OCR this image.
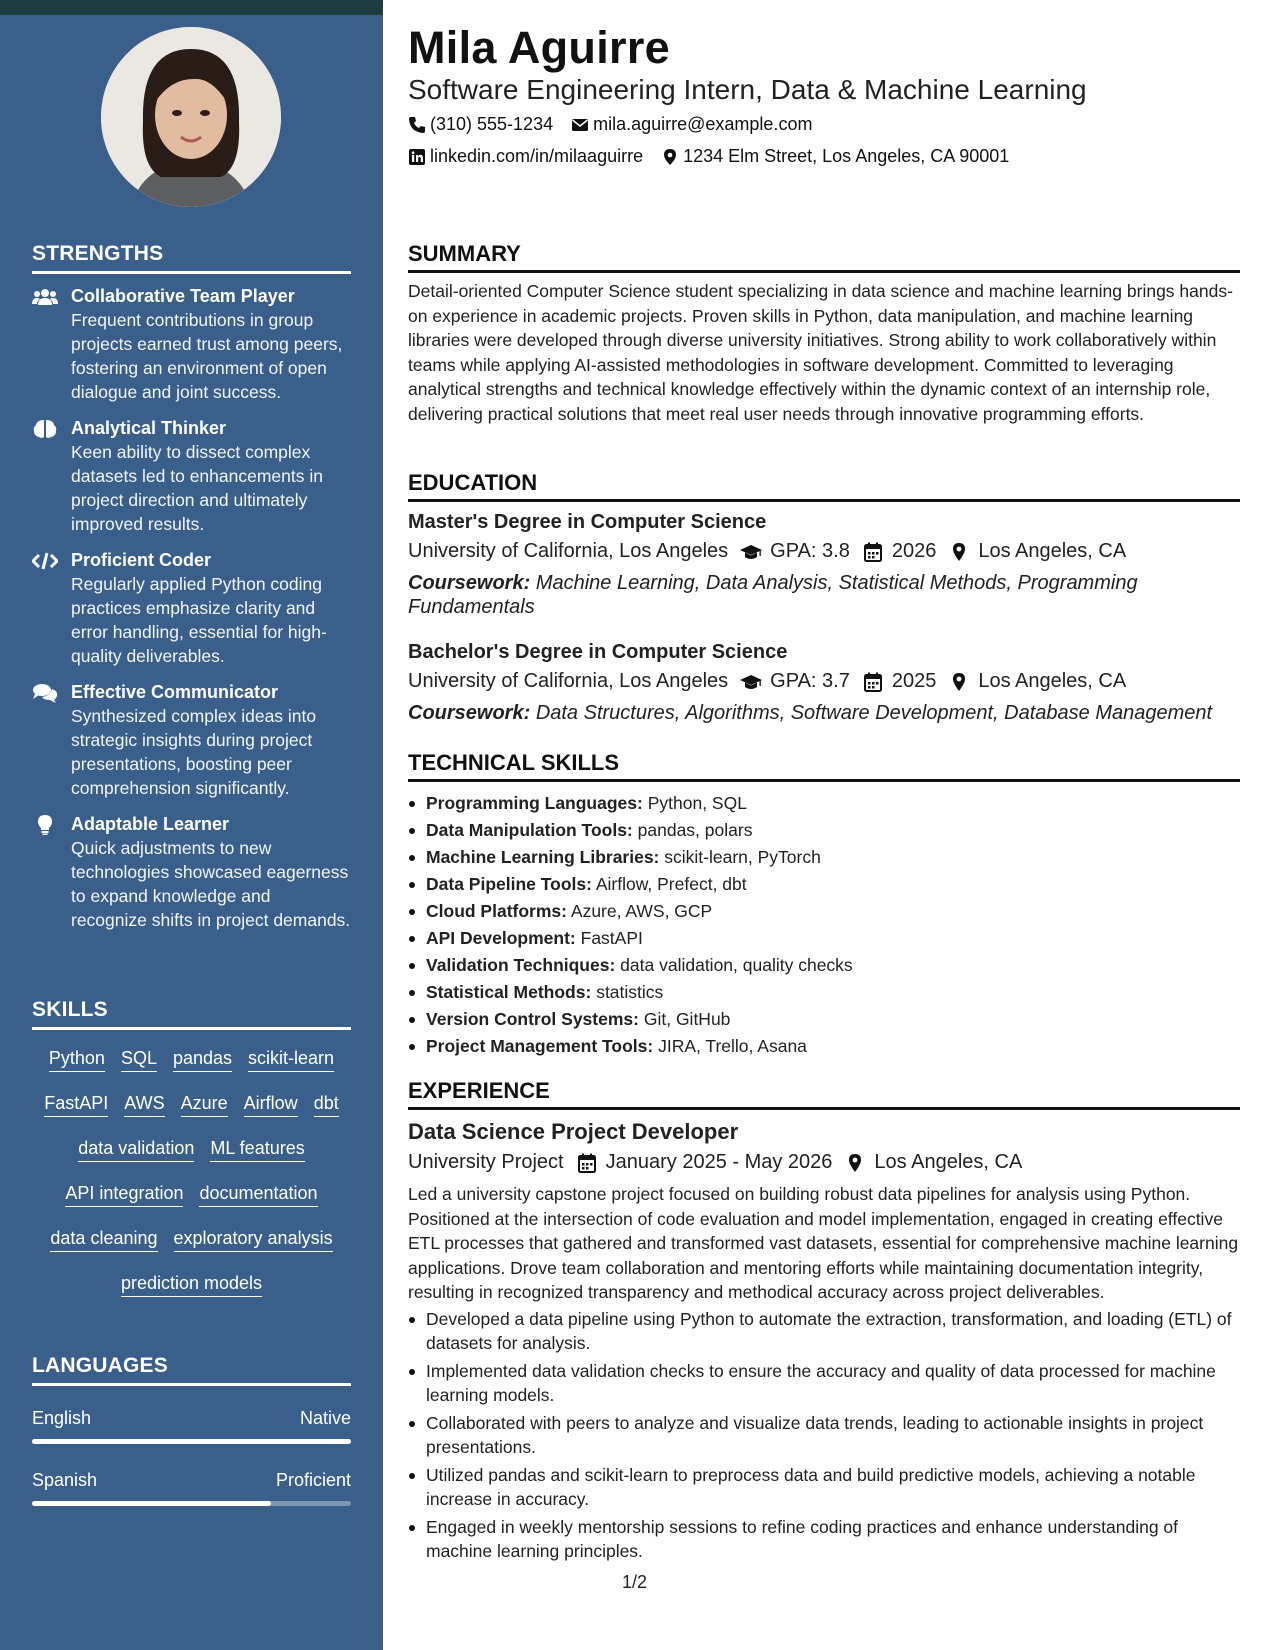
STRENGTHS
Collaborative Team Player
Frequent contributions in group projects earned trust among peers, fostering an environment of open dialogue and joint success.
Analytical Thinker
Keen ability to dissect complex datasets led to enhancements in project direction and ultimately improved results.
Proficient Coder
Regularly applied Python coding practices emphasize clarity and error handling, essential for high-quality deliverables.
Effective Communicator
Synthesized complex ideas into strategic insights during project presentations, boosting peer comprehension significantly.
Adaptable Learner
Quick adjustments to new technologies showcased eagerness to expand knowledge and recognize shifts in project demands.
SKILLS
Python SQL pandas scikit-learn
FastAPI AWS Azure Airflow dbt
data validation ML features
API integration documentation
data cleaning exploratory analysis
prediction models
LANGUAGES
English	Native
Spanish	Proficient
Mila Aguirre
Software Engineering Intern, Data & Machine Learning
(310) 555-1234 mila.aguirre@example.com
linkedin.com/in/milaaguirre 1234 Elm Street, Los Angeles, CA 90001
SUMMARY

Detail-oriented Computer Science student specializing in data science and machine learning brings hands-on experience in academic projects. Proven skills in Python, data manipulation, and machine learning libraries were developed through diverse university initiatives. Strong ability to work collaboratively within teams while applying AI-assisted methodologies in software development. Committed to leveraging analytical strengths and technical knowledge effectively within the dynamic context of an internship role, delivering practical solutions that meet real user needs through innovative programming efforts.

EDUCATION
Master's Degree in Computer Science
University of California, Los Angeles GPA: 3.8 2026 Los Angeles, CA
Coursework: Machine Learning, Data Analysis, Statistical Methods, Programming Fundamentals
Bachelor's Degree in Computer Science
University of California, Los Angeles GPA: 3.7 2025 Los Angeles, CA
Coursework: Data Structures, Algorithms, Software Development, Database Management
TECHNICAL SKILLS
Programming Languages: Python, SQL
Data Manipulation Tools: pandas, polars
Machine Learning Libraries: scikit-learn, PyTorch
Data Pipeline Tools: Airflow, Prefect, dbt
Cloud Platforms: Azure, AWS, GCP
API Development: FastAPI
Validation Techniques: data validation, quality checks
Statistical Methods: statistics
Version Control Systems: Git, GitHub
Project Management Tools: JIRA, Trello, Asana
EXPERIENCE
Data Science Project Developer
University Project January 2025 - May 2026 Los Angeles, CA

Led a university capstone project focused on building robust data pipelines for analysis using Python. Positioned at the intersection of code evaluation and model implementation, engaged in creating effective ETL processes that gathered and transformed vast datasets, essential for comprehensive machine learning applications. Drove team collaboration and mentoring efforts while maintaining documentation integrity, resulting in recognized transparency and methodical accuracy across project deliverables.

Developed a data pipeline using Python to automate the extraction, transformation, and loading (ETL) of datasets for analysis.
Implemented data validation checks to ensure the accuracy and quality of data processed for machine learning models.
Collaborated with peers to analyze and visualize data trends, leading to actionable insights in project presentations.
Utilized pandas and scikit-learn to preprocess data and build predictive models, achieving a notable increase in accuracy.
Engaged in weekly mentorship sessions to refine coding practices and enhance understanding of machine learning principles.
1/2
